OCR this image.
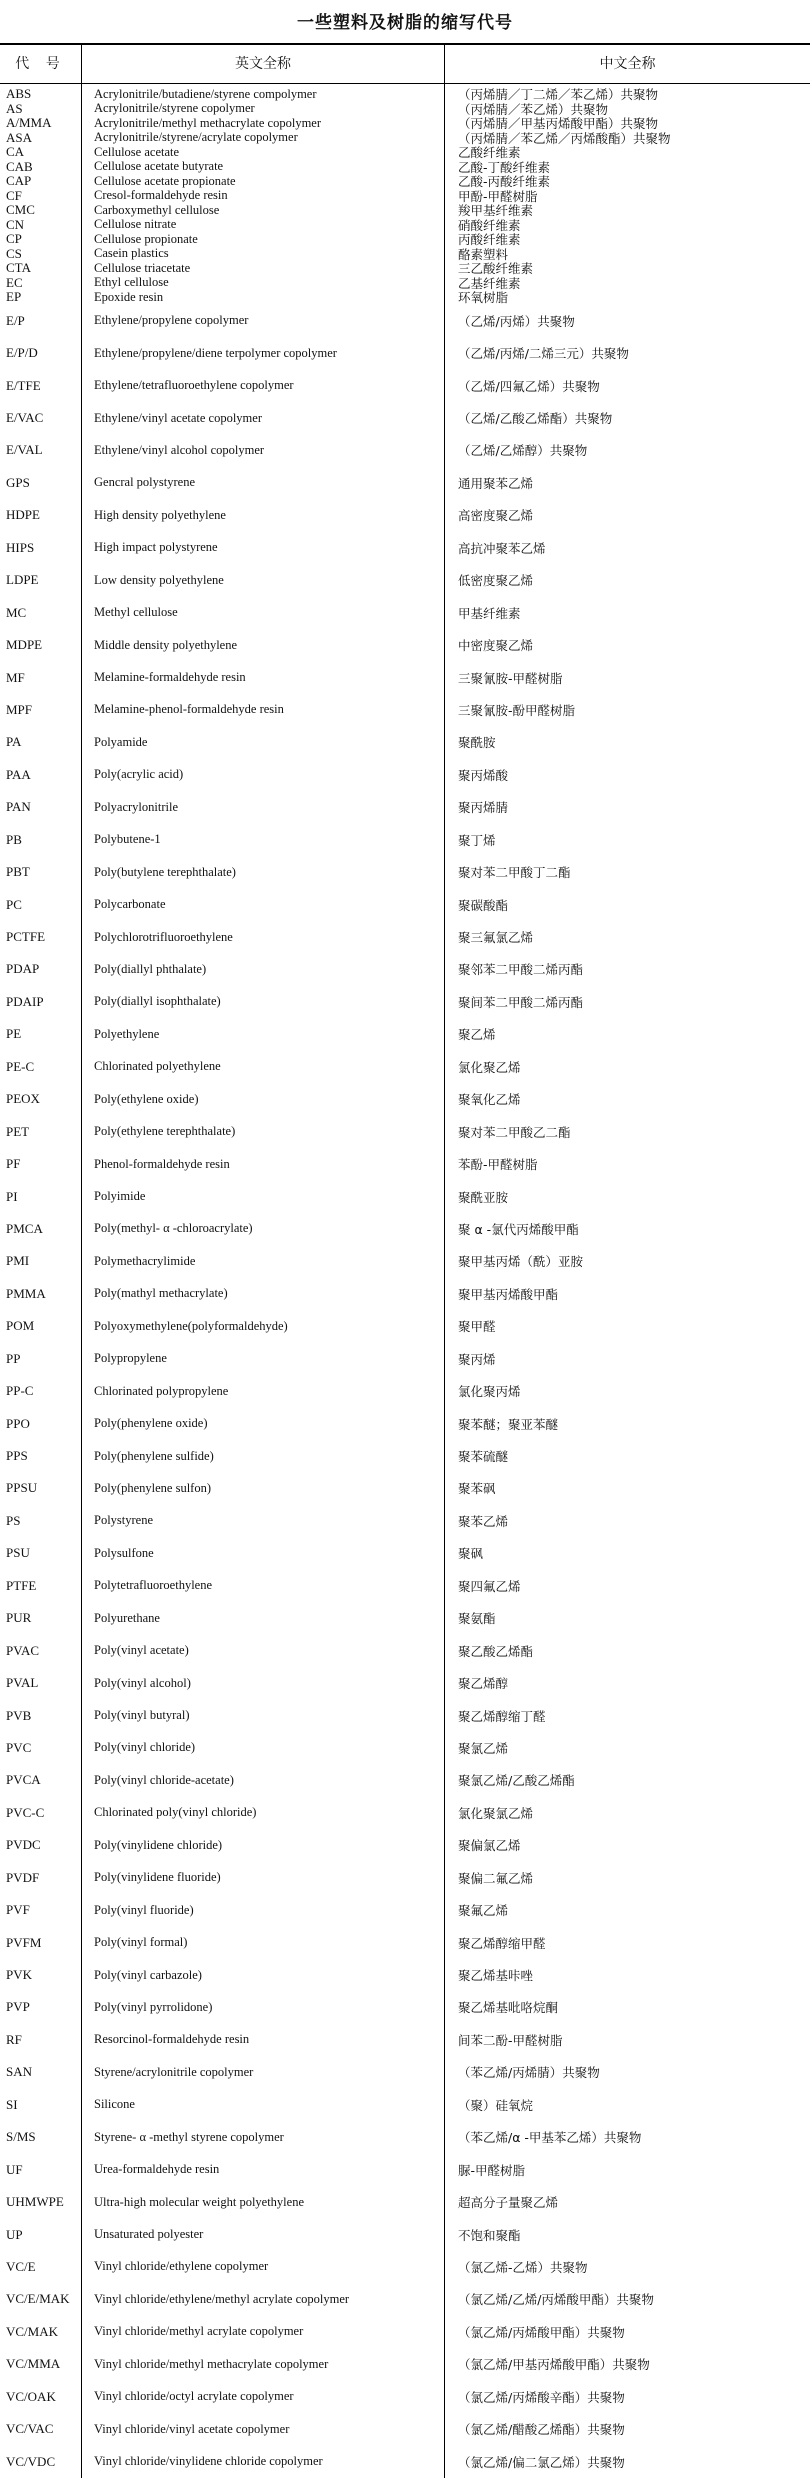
一些塑料及树脂的缩写代号
代 号	英文全称	中文全称
ABS	Acrylonitrile/butadiene/styrene compolymer	（丙烯腈／丁二烯／苯乙烯）共聚物
AS	Acrylonitrile/styrene copolymer	（丙烯腈／苯乙烯）共聚物
A/MMA	Acrylonitrile/methyl methacrylate copolymer	（丙烯腈／甲基丙烯酸甲酯）共聚物
ASA	Acrylonitrile/styrene/acrylate copolymer	（丙烯腈／苯乙烯／丙烯酸酯）共聚物
CA	Cellulose acetate	乙酸纤维素
CAB	Cellulose acetate butyrate	乙酸-丁酸纤维素
CAP	Cellulose acetate propionate	乙酸-丙酸纤维素
CF	Cresol-formaldehyde resin	甲酚-甲醛树脂
CMC	Carboxymethyl cellulose	羧甲基纤维素
CN	Cellulose nitrate	硝酸纤维素
CP	Cellulose propionate	丙酸纤维素
CS	Casein plastics	酪素塑料
CTA	Cellulose triacetate	三乙酸纤维素
EC	Ethyl cellulose	乙基纤维素
EP	Epoxide resin	环氧树脂
E/P	Ethylene/propylene copolymer	（乙烯/丙烯）共聚物
E/P/D	Ethylene/propylene/diene terpolymer copolymer	（乙烯/丙烯/二烯三元）共聚物
E/TFE	Ethylene/tetrafluoroethylene copolymer	（乙烯/四氟乙烯）共聚物
E/VAC	Ethylene/vinyl acetate copolymer	（乙烯/乙酸乙烯酯）共聚物
E/VAL	Ethylene/vinyl alcohol copolymer	（乙烯/乙烯醇）共聚物
GPS	Gencral polystyrene	通用聚苯乙烯
HDPE	High density polyethylene	高密度聚乙烯
HIPS	High impact polystyrene	高抗冲聚苯乙烯
LDPE	Low density polyethylene	低密度聚乙烯
MC	Methyl cellulose	甲基纤维素
MDPE	Middle density polyethylene	中密度聚乙烯
MF	Melamine-formaldehyde resin	三聚氰胺-甲醛树脂
MPF	Melamine-phenol-formaldehyde resin	三聚氰胺-酚甲醛树脂
PA	Polyamide	聚酰胺
PAA	Poly(acrylic acid)	聚丙烯酸
PAN	Polyacrylonitrile	聚丙烯腈
PB	Polybutene-1	聚丁烯
PBT	Poly(butylene terephthalate)	聚对苯二甲酸丁二酯
PC	Polycarbonate	聚碳酸酯
PCTFE	Polychlorotrifluoroethylene	聚三氟氯乙烯
PDAP	Poly(diallyl phthalate)	聚邻苯二甲酸二烯丙酯
PDAIP	Poly(diallyl isophthalate)	聚间苯二甲酸二烯丙酯
PE	Polyethylene	聚乙烯
PE-C	Chlorinated polyethylene	氯化聚乙烯
PEOX	Poly(ethylene oxide)	聚氧化乙烯
PET	Poly(ethylene terephthalate)	聚对苯二甲酸乙二酯
PF	Phenol-formaldehyde resin	苯酚-甲醛树脂
PI	Polyimide	聚酰亚胺
PMCA	Poly(methyl- α -chloroacrylate)	聚 α -氯代丙烯酸甲酯
PMI	Polymethacrylimide	聚甲基丙烯（酰）亚胺
PMMA	Poly(mathyl methacrylate)	聚甲基丙烯酸甲酯
POM	Polyoxymethylene(polyformaldehyde)	聚甲醛
PP	Polypropylene	聚丙烯
PP-C	Chlorinated polypropylene	氯化聚丙烯
PPO	Poly(phenylene oxide)	聚苯醚；聚亚苯醚
PPS	Poly(phenylene sulfide)	聚苯硫醚
PPSU	Poly(phenylene sulfon)	聚苯砜
PS	Polystyrene	聚苯乙烯
PSU	Polysulfone	聚砜
PTFE	Polytetrafluoroethylene	聚四氟乙烯
PUR	Polyurethane	聚氨酯
PVAC	Poly(vinyl acetate)	聚乙酸乙烯酯
PVAL	Poly(vinyl alcohol)	聚乙烯醇
PVB	Poly(vinyl butyral)	聚乙烯醇缩丁醛
PVC	Poly(vinyl chloride)	聚氯乙烯
PVCA	Poly(vinyl chloride-acetate)	聚氯乙烯/乙酸乙烯酯
PVC-C	Chlorinated poly(vinyl chloride)	氯化聚氯乙烯
PVDC	Poly(vinylidene chloride)	聚偏氯乙烯
PVDF	Poly(vinylidene fluoride)	聚偏二氟乙烯
PVF	Poly(vinyl fluoride)	聚氟乙烯
PVFM	Poly(vinyl formal)	聚乙烯醇缩甲醛
PVK	Poly(vinyl carbazole)	聚乙烯基咔唑
PVP	Poly(vinyl pyrrolidone)	聚乙烯基吡咯烷酮
RF	Resorcinol-formaldehyde resin	间苯二酚-甲醛树脂
SAN	Styrene/acrylonitrile copolymer	（苯乙烯/丙烯腈）共聚物
SI	Silicone	（聚）硅氧烷
S/MS	Styrene- α -methyl styrene copolymer	（苯乙烯/α -甲基苯乙烯）共聚物
UF	Urea-formaldehyde resin	脲-甲醛树脂
UHMWPE	Ultra-high molecular weight polyethylene	超高分子量聚乙烯
UP	Unsaturated polyester	不饱和聚酯
VC/E	Vinyl chloride/ethylene copolymer	（氯乙烯-乙烯）共聚物
VC/E/MAK	Vinyl chloride/ethylene/methyl acrylate copolymer	（氯乙烯/乙烯/丙烯酸甲酯）共聚物
VC/MAK	Vinyl chloride/methyl acrylate copolymer	（氯乙烯/丙烯酸甲酯）共聚物
VC/MMA	Vinyl chloride/methyl methacrylate copolymer	（氯乙烯/甲基丙烯酸甲酯）共聚物
VC/OAK	Vinyl chloride/octyl acrylate copolymer	（氯乙烯/丙烯酸辛酯）共聚物
VC/VAC	Vinyl chloride/vinyl acetate copolymer	（氯乙烯/醋酸乙烯酯）共聚物
VC/VDC	Vinyl chloride/vinylidene chloride copolymer	（氯乙烯/偏二氯乙烯）共聚物
